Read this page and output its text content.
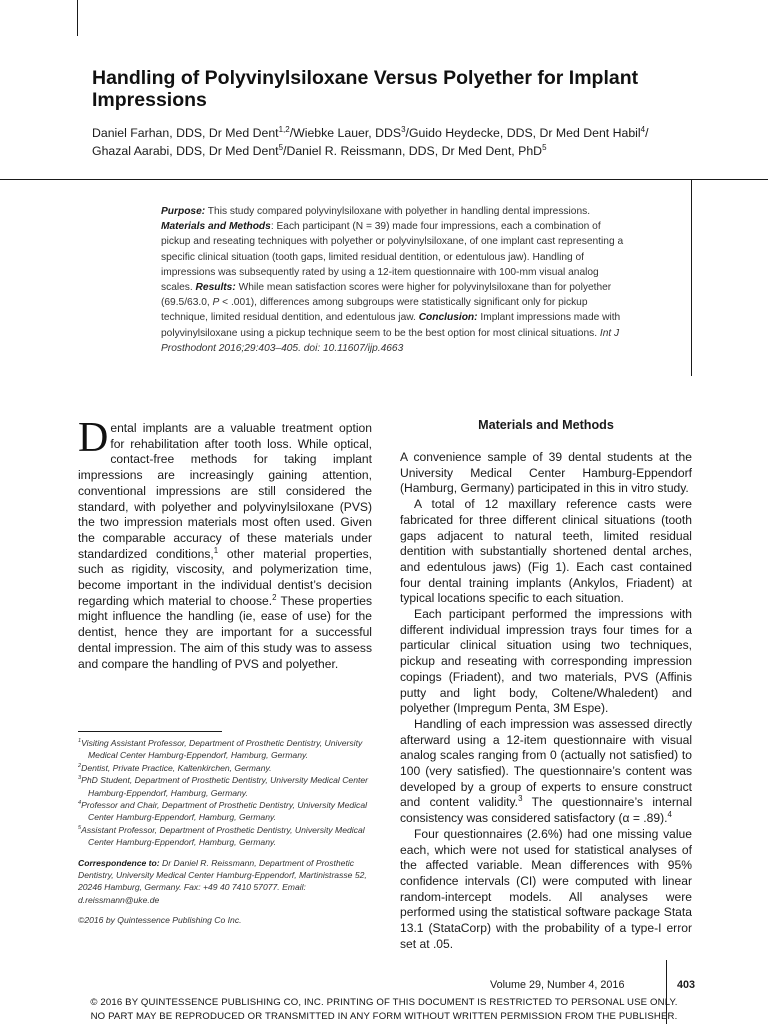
Handling of Polyvinylsiloxane Versus Polyether for Implant Impressions
Daniel Farhan, DDS, Dr Med Dent$^{1,2}$/Wiebke Lauer, DDS$^3$/Guido Heydecke, DDS, Dr Med Dent Habil$^4$/
Ghazal Aarabi, DDS, Dr Med Dent$^5$/Daniel R. Reissmann, DDS, Dr Med Dent, PhD$^5$
Purpose: This study compared polyvinylsiloxane with polyether in handling dental impressions.
Materials and Methods: Each participant (N = 39) made four impressions, each a combination of pickup and reseating techniques with polyether or polyvinylsiloxane, of one implant cast representing a specific clinical situation (tooth gaps, limited residual dentition, or edentulous jaw). Handling of impressions was subsequently rated by using a 12-item questionnaire with 100-mm visual analog scales. Results: While mean satisfaction scores were higher for polyvinylsiloxane than for polyether (69.5/63.0, P < .001), differences among subgroups were statistically significant only for pickup technique, limited residual dentition, and edentulous jaw. Conclusion: Implant impressions made with polyvinylsiloxane using a pickup technique seem to be the best option for most clinical situations. Int J Prosthodont 2016;29:403–405. doi: 10.11607/ijp.4663

Dental implants are a valuable treatment option for rehabilitation after tooth loss. While optical, contact-free methods for taking implant impressions are increasingly gaining attention, conventional impressions are still considered the standard, with polyether and polyvinylsiloxane (PVS) the two impression materials most often used. Given the comparable accuracy of these materials under standardized conditions,$^1$ other material properties, such as rigidity, viscosity, and polymerization time, become important in the individual dentist’s decision regarding which material to choose.$^2$ These properties might influence the handling (ie, ease of use) for the dentist, hence they are important for a successful dental impression. The aim of this study was to assess and compare the handling of PVS and polyether.

Materials and Methods

A convenience sample of 39 dental students at the University Medical Center Hamburg-Eppendorf (Hamburg, Germany) participated in this in vitro study.

A total of 12 maxillary reference casts were fabricated for three different clinical situations (tooth gaps adjacent to natural teeth, limited residual dentition with substantially shortened dental arches, and edentulous jaws) (Fig 1). Each cast contained four dental training implants (Ankylos, Friadent) at typical locations specific to each situation.

Each participant performed the impressions with different individual impression trays four times for a particular clinical situation using two techniques, pickup and reseating with corresponding impression copings (Friadent), and two materials, PVS (Affinis putty and light body, Coltene/Whaledent) and polyether (Impregum Penta, 3M Espe).

Handling of each impression was assessed directly afterward using a 12-item questionnaire with visual analog scales ranging from 0 (actually not satisfied) to 100 (very satisfied). The questionnaire’s content was developed by a group of experts to ensure construct and content validity.$^3$ The questionnaire’s internal consistency was considered satisfactory (α = .89).$^4$

Four questionnaires (2.6%) had one missing value each, which were not used for statistical analyses of the affected variable. Mean differences with 95% confidence intervals (CI) were computed with linear random-intercept models. All analyses were performed using the statistical software package Stata 13.1 (StataCorp) with the probability of a type-I error set at .05.

$^1$Visiting Assistant Professor, Department of Prosthetic Dentistry, University Medical Center Hamburg-Eppendorf, Hamburg, Germany.
$^2$Dentist, Private Practice, Kaltenkirchen, Germany.
$^3$PhD Student, Department of Prosthetic Dentistry, University Medical Center Hamburg-Eppendorf, Hamburg, Germany.
$^4$Professor and Chair, Department of Prosthetic Dentistry, University Medical Center Hamburg-Eppendorf, Hamburg, Germany.
$^5$Assistant Professor, Department of Prosthetic Dentistry, University Medical Center Hamburg-Eppendorf, Hamburg, Germany.
Correspondence to: Dr Daniel R. Reissmann, Department of Prosthetic Dentistry, University Medical Center Hamburg-Eppendorf, Martinistrasse 52, 20246 Hamburg, Germany. Fax: +49 40 7410 57077. Email: d.reissmann@uke.de
©2016 by Quintessence Publishing Co Inc.
Volume 29, Number 4, 2016	403
© 2016 BY QUINTESSENCE PUBLISHING CO, INC. PRINTING OF THIS DOCUMENT IS RESTRICTED TO PERSONAL USE ONLY.
NO PART MAY BE REPRODUCED OR TRANSMITTED IN ANY FORM WITHOUT WRITTEN PERMISSION FROM THE PUBLISHER.
